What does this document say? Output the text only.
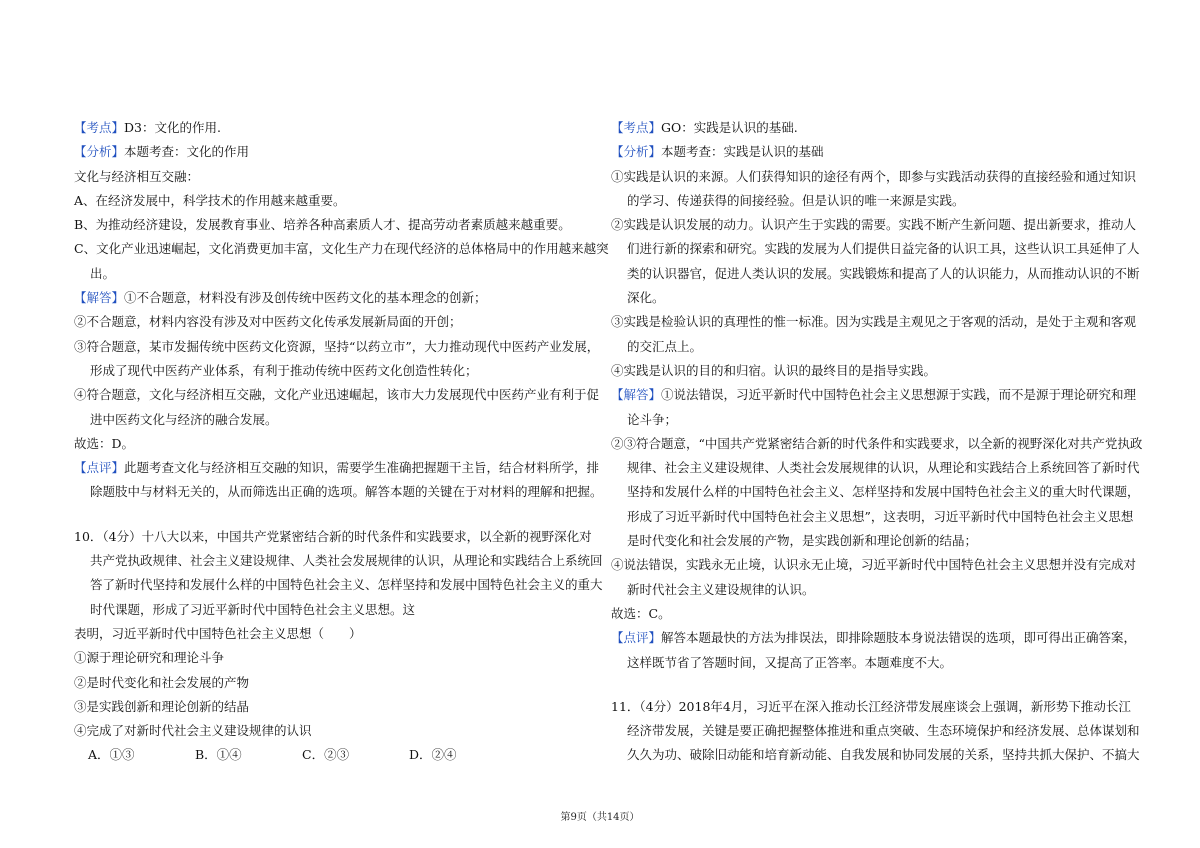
【考点】D3：文化的作用.

【分析】本题考查：文化的作用

文化与经济相互交融：

A、在经济发展中，科学技术的作用越来越重要。

B、为推动经济建设，发展教育事业、培养各种高素质人才、提高劳动者素质越来越重要。

C、文化产业迅速崛起，文化消费更加丰富，文化生产力在现代经济的总体格局中的作用越来越突

出。

【解答】①不合题意，材料没有涉及创传统中医药文化的基本理念的创新；

②不合题意，材料内容没有涉及对中医药文化传承发展新局面的开创；

③符合题意，某市发掘传统中医药文化资源，坚持“以药立市”，大力推动现代中医药产业发展，

形成了现代中医药产业体系，有利于推动传统中医药文化创造性转化；

④符合题意，文化与经济相互交融，文化产业迅速崛起，该市大力发展现代中医药产业有利于促

进中医药文化与经济的融合发展。

故选：D。

【点评】此题考查文化与经济相互交融的知识，需要学生准确把握题干主旨，结合材料所学，排

除题肢中与材料无关的，从而筛选出正确的选项。解答本题的关键在于对材料的理解和把握。

10．（4分）十八大以来，中国共产党紧密结合新的时代条件和实践要求，以全新的视野深化对

共产党执政规律、社会主义建设规律、人类社会发展规律的认识，从理论和实践结合上系统回

答了新时代坚持和发展什么样的中国特色社会主义、怎样坚持和发展中国特色社会主义的重大

时代课题，形成了习近平新时代中国特色社会主义思想。这

表明，习近平新时代中国特色社会主义思想（　　）

①源于理论研究和理论斗争

②是时代变化和社会发展的产物

③是实践创新和理论创新的结晶

④完成了对新时代社会主义建设规律的认识

A．①③	B．①④	C．②③	D．②④

【考点】GO：实践是认识的基础.

【分析】本题考查：实践是认识的基础

①实践是认识的来源。人们获得知识的途径有两个，即参与实践活动获得的直接经验和通过知识

的学习、传递获得的间接经验。但是认识的唯一来源是实践。

②实践是认识发展的动力。认识产生于实践的需要。实践不断产生新问题、提出新要求，推动人

们进行新的探索和研究。实践的发展为人们提供日益完备的认识工具，这些认识工具延伸了人

类的认识器官，促进人类认识的发展。实践锻炼和提高了人的认识能力，从而推动认识的不断

深化。

③实践是检验认识的真理性的惟一标准。因为实践是主观见之于客观的活动，是处于主观和客观

的交汇点上。

④实践是认识的目的和归宿。认识的最终目的是指导实践。

【解答】①说法错误，习近平新时代中国特色社会主义思想源于实践，而不是源于理论研究和理

论斗争；

②③符合题意，“中国共产党紧密结合新的时代条件和实践要求，以全新的视野深化对共产党执政

规律、社会主义建设规律、人类社会发展规律的认识，从理论和实践结合上系统回答了新时代

坚持和发展什么样的中国特色社会主义、怎样坚持和发展中国特色社会主义的重大时代课题，

形成了习近平新时代中国特色社会主义思想”，这表明，习近平新时代中国特色社会主义思想

是时代变化和社会发展的产物，是实践创新和理论创新的结晶；

④说法错误，实践永无止境，认识永无止境，习近平新时代中国特色社会主义思想并没有完成对

新时代社会主义建设规律的认识。

故选：C。

【点评】解答本题最快的方法为排误法，即排除题肢本身说法错误的选项，即可得出正确答案，

这样既节省了答题时间，又提高了正答率。本题难度不大。

11．（4分）2018年4月，习近平在深入推动长江经济带发展座谈会上强调，新形势下推动长江

经济带发展，关键是要正确把握整体推进和重点突破、生态环境保护和经济发展、总体谋划和

久久为功、破除旧动能和培育新动能、自我发展和协同发展的关系，坚持共抓大保护、不搞大

第9页（共14页）
